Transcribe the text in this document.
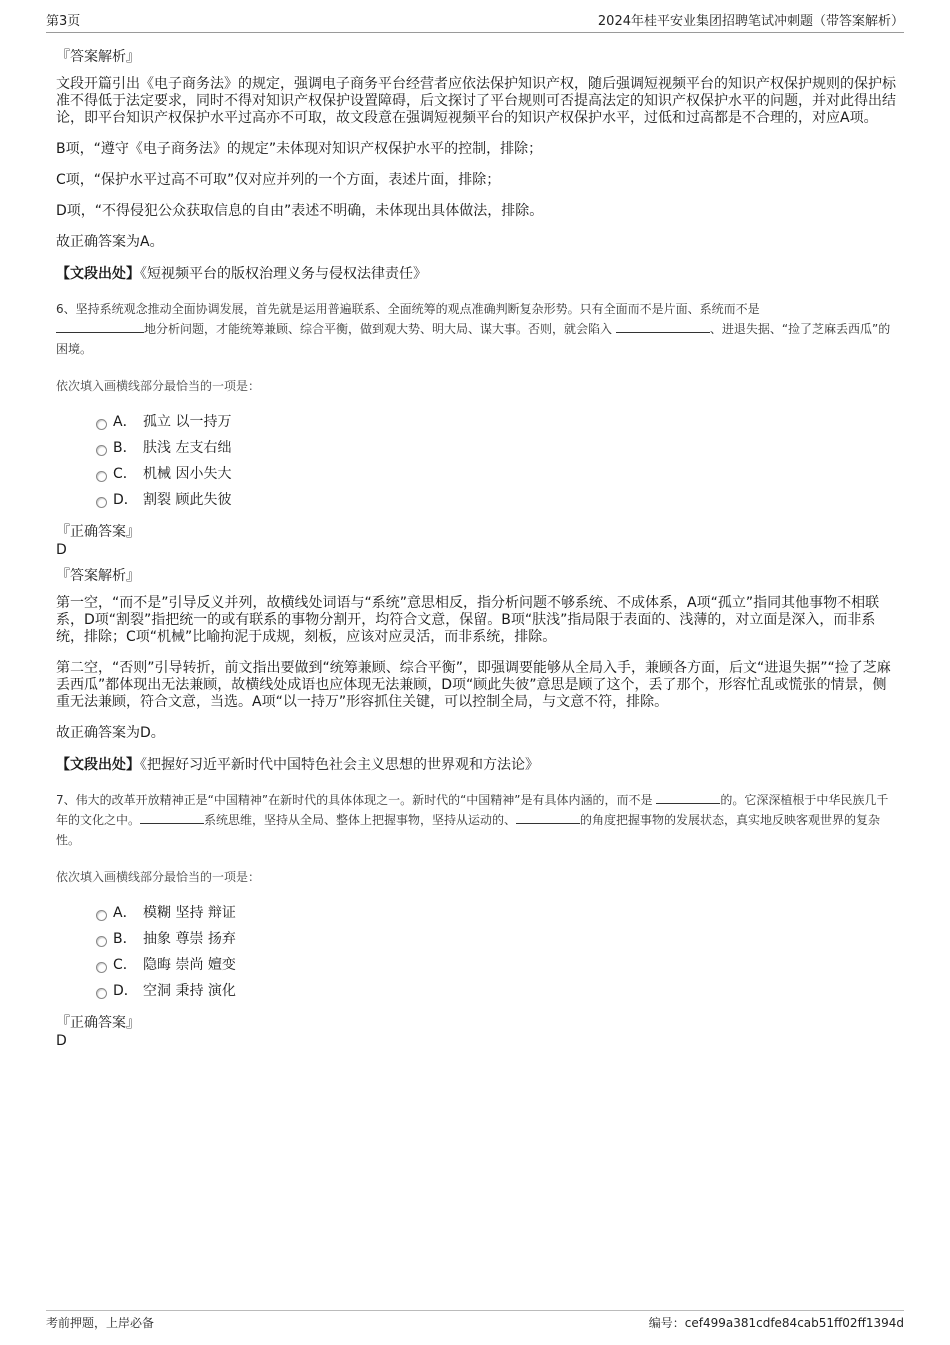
第3页	2024年桂平安业集团招聘笔试冲刺题（带答案解析）
『答案解析』

文段开篇引出《电子商务法》的规定，强调电子商务平台经营者应依法保护知识产权，随后强调短视频平台的知识产权保护规则的保护标准不得低于法定要求，同时不得对知识产权保护设置障碍，后文探讨了平台规则可否提高法定的知识产权保护水平的问题，并对此得出结论，即平台知识产权保护水平过高亦不可取，故文段意在强调短视频平台的知识产权保护水平，过低和过高都是不合理的，对应A项。

B项，“遵守《电子商务法》的规定”未体现对知识产权保护水平的控制，排除；

C项，“保护水平过高不可取”仅对应并列的一个方面，表述片面，排除；

D项，“不得侵犯公众获取信息的自由”表述不明确，未体现出具体做法，排除。

故正确答案为A。

【文段出处】《短视频平台的版权治理义务与侵权法律责任》

6、坚持系统观念推动全面协调发展，首先就是运用普遍联系、全面统筹的观点准确判断复杂形势。只有全面而不是片面、系统而不是
地分析问题，才能统筹兼顾、综合平衡，做到观大势、明大局、谋大事。否则，就会陷入	、进退失据、“捡了芝麻丢西瓜”的困境。
依次填入画横线部分最恰当的一项是：
A． 孤立 以一持万
B． 肤浅 左支右绌
C． 机械 因小失大
D． 割裂 顾此失彼
『正确答案』
D
『答案解析』

第一空，“而不是”引导反义并列，故横线处词语与“系统”意思相反，指分析问题不够系统、不成体系，A项“孤立”指同其他事物不相联系，D项“割裂”指把统一的或有联系的事物分割开，均符合文意，保留。B项“肤浅”指局限于表面的、浅薄的，对立面是深入，而非系统，排除；C项“机械”比喻拘泥于成规，刻板，应该对应灵活，而非系统，排除。

第二空，“否则”引导转折，前文指出要做到“统筹兼顾、综合平衡”，即强调要能够从全局入手，兼顾各方面，后文“进退失据”“捡了芝麻丢西瓜”都体现出无法兼顾，故横线处成语也应体现无法兼顾，D项“顾此失彼”意思是顾了这个，丢了那个，形容忙乱或慌张的情景，侧重无法兼顾，符合文意，当选。A项“以一持万”形容抓住关键，可以控制全局，与文意不符，排除。

故正确答案为D。

【文段出处】《把握好习近平新时代中国特色社会主义思想的世界观和方法论》

7、伟大的改革开放精神正是“中国精神”在新时代的具体体现之一。新时代的“中国精神”是有具体内涵的，而不是	的。它深深植根于中华民族几千年的文化之中。	系统思维，坚持从全局、整体上把握事物，坚持从运动的、	的角度把握事物的发展状态，真实地反映客观世界的复杂性。
依次填入画横线部分最恰当的一项是：
A． 模糊 坚持 辩证
B． 抽象 尊崇 扬弃
C． 隐晦 崇尚 嬗变
D． 空洞 秉持 演化
『正确答案』
D
考前押题，上岸必备	编号：cef499a381cdfe84cab51ff02ff1394d
